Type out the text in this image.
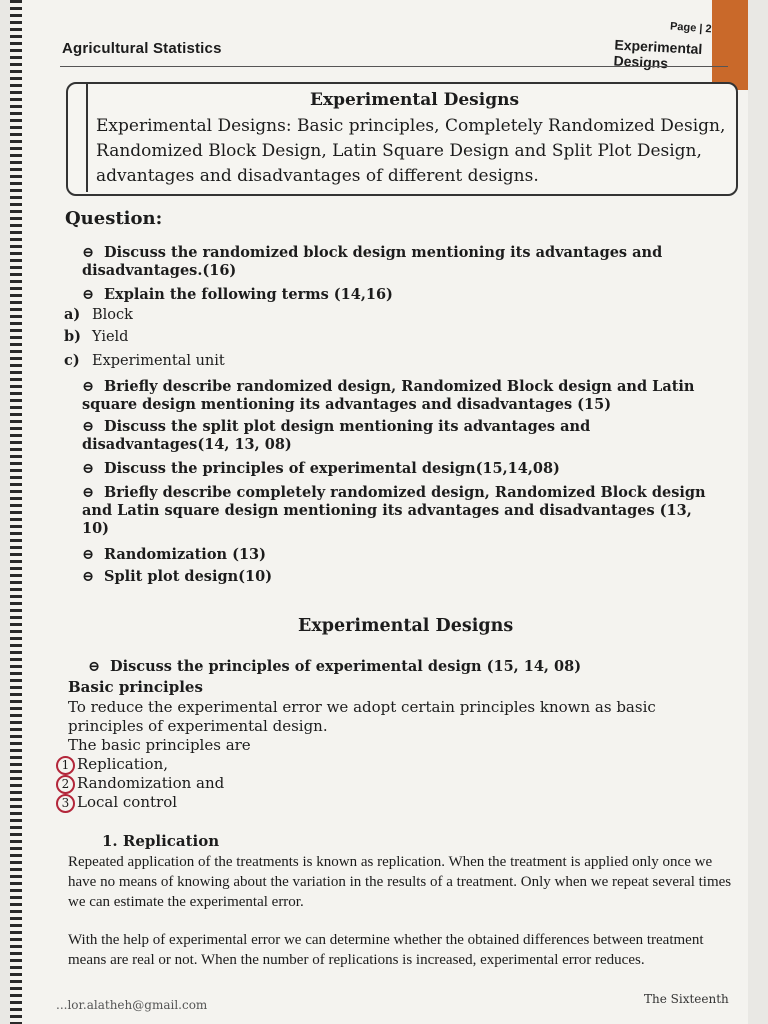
Agricultural Statistics
Page | 2
Experimental Designs
Experimental Designs
Experimental Designs: Basic principles, Completely Randomized Design, Randomized Block Design, Latin Square Design and Split Plot Design, advantages and disadvantages of different designs.
Question:
⊖ Discuss the randomized block design mentioning its advantages and disadvantages.(16)
⊖ Explain the following terms (14,16)
a) Block
b) Yield
c) Experimental unit
⊖ Briefly describe randomized design, Randomized Block design and Latin square design mentioning its advantages and disadvantages (15)
⊖ Discuss the split plot design mentioning its advantages and disadvantages(14, 13, 08)
⊖ Discuss the principles of experimental design(15,14,08)
⊖ Briefly describe completely randomized design, Randomized Block design and Latin square design mentioning its advantages and disadvantages (13, 10)
⊖ Randomization (13)
⊖ Split plot design(10)
Experimental Designs
⊖ Discuss the principles of experimental design (15, 14, 08)
Basic principles
To reduce the experimental error we adopt certain principles known as basic principles of experimental design.
The basic principles are
1 Replication,
2 Randomization and
3 Local control
1. Replication
Repeated application of the treatments is known as replication. When the treatment is applied only once we have no means of knowing about the variation in the results of a treatment. Only when we repeat several times we can estimate the experimental error.
With the help of experimental error we can determine whether the obtained differences between treatment means are real or not. When the number of replications is increased, experimental error reduces.
...lor.alatheh@gmail.com	The Sixteenth
